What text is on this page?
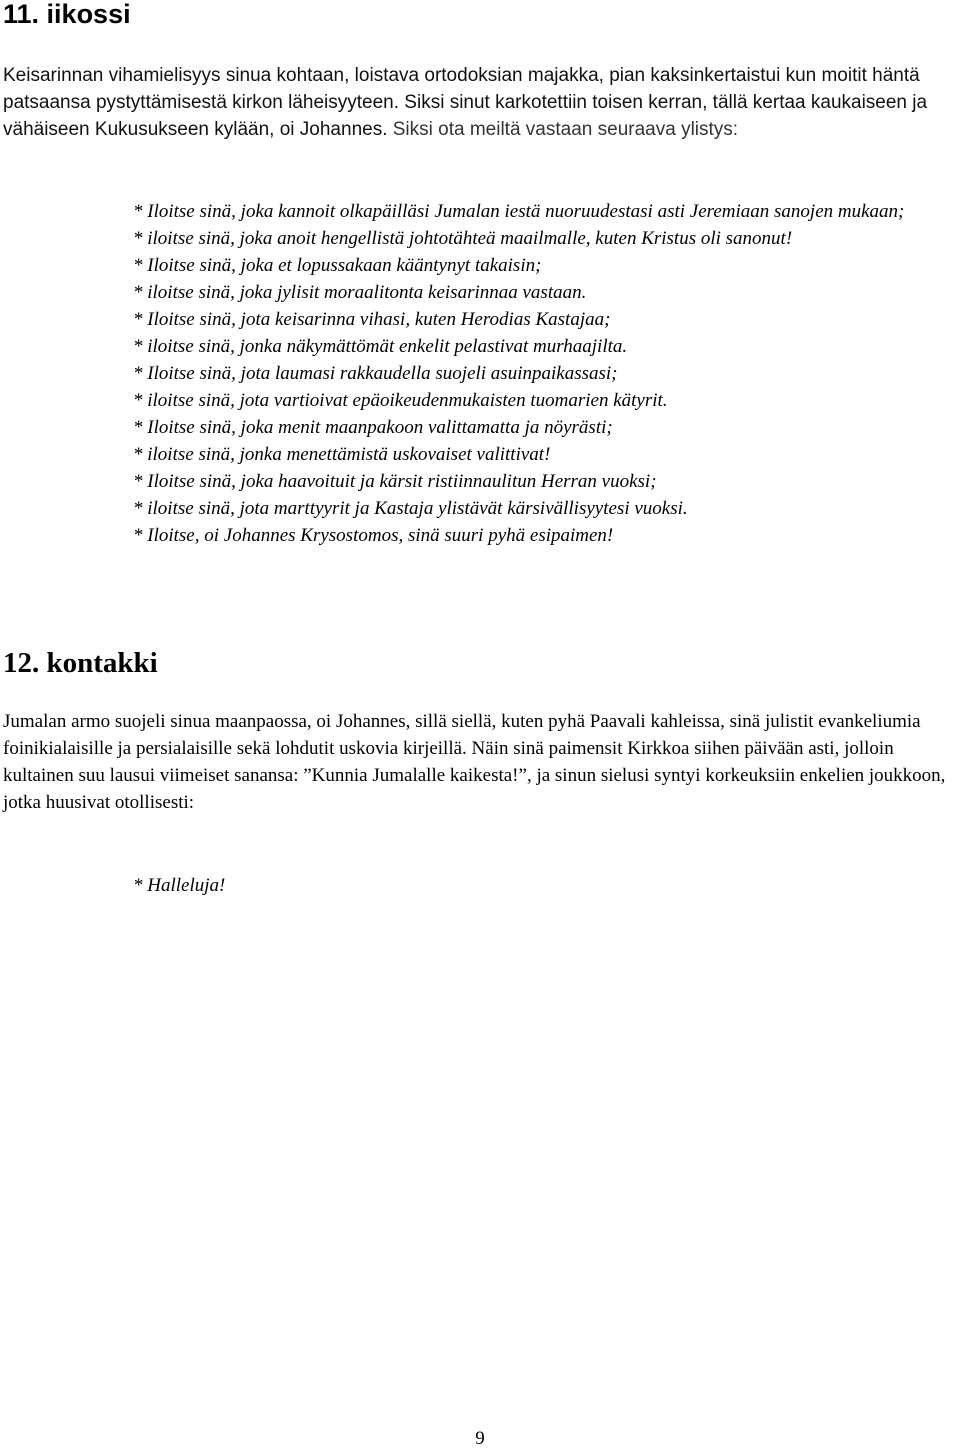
11. iikossi

Keisarinnan vihamielisyys sinua kohtaan, loistava ortodoksian majakka, pian kaksinkertaistui kun moitit häntä patsaansa pystyttämisestä kirkon läheisyyteen. Siksi sinut karkotettiin toisen kerran, tällä kertaa kaukaiseen ja vähäiseen Kukusukseen kylään, oi Johannes. Siksi ota meiltä vastaan seuraava ylistys:

* Iloitse sinä, joka kannoit olkapäilläsi Jumalan iestä nuoruudestasi asti Jeremiaan sanojen mukaan;
* iloitse sinä, joka anoit hengellistä johtotähteä maailmalle, kuten Kristus oli sanonut!
* Iloitse sinä, joka et lopussakaan kääntynyt takaisin;
* iloitse sinä, joka jylisit moraalitonta keisarinnaa vastaan.
* Iloitse sinä, jota keisarinna vihasi, kuten Herodias Kastajaa;
* iloitse sinä, jonka näkymättömät enkelit pelastivat murhaajilta.
* Iloitse sinä, jota laumasi rakkaudella suojeli asuinpaikassasi;
* iloitse sinä, jota vartioivat epäoikeudenmukaisten tuomarien kätyrit.
* Iloitse sinä, joka menit maanpakoon valittamatta ja nöyrästi;
* iloitse sinä, jonka menettämistä uskovaiset valittivat!
* Iloitse sinä, joka haavoituit ja kärsit ristiinnaulitun Herran vuoksi;
* iloitse sinä, jota marttyyrit ja Kastaja ylistävät kärsivällisyytesi vuoksi.
* Iloitse, oi Johannes Krysostomos, sinä suuri pyhä esipaimen!
12. kontakki

Jumalan armo suojeli sinua maanpaossa, oi Johannes, sillä siellä, kuten pyhä Paavali kahleissa, sinä julistit evankeliumia foinikialaisille ja persialaisille sekä lohdutit uskovia kirjeillä. Näin sinä paimensit Kirkkoa siihen päivään asti, jolloin kultainen suu lausui viimeiset sanansa: ”Kunnia Jumalalle kaikesta!”, ja sinun sielusi syntyi korkeuksiin enkelien joukkoon, jotka huusivat otollisesti:

* Halleluja!

9
